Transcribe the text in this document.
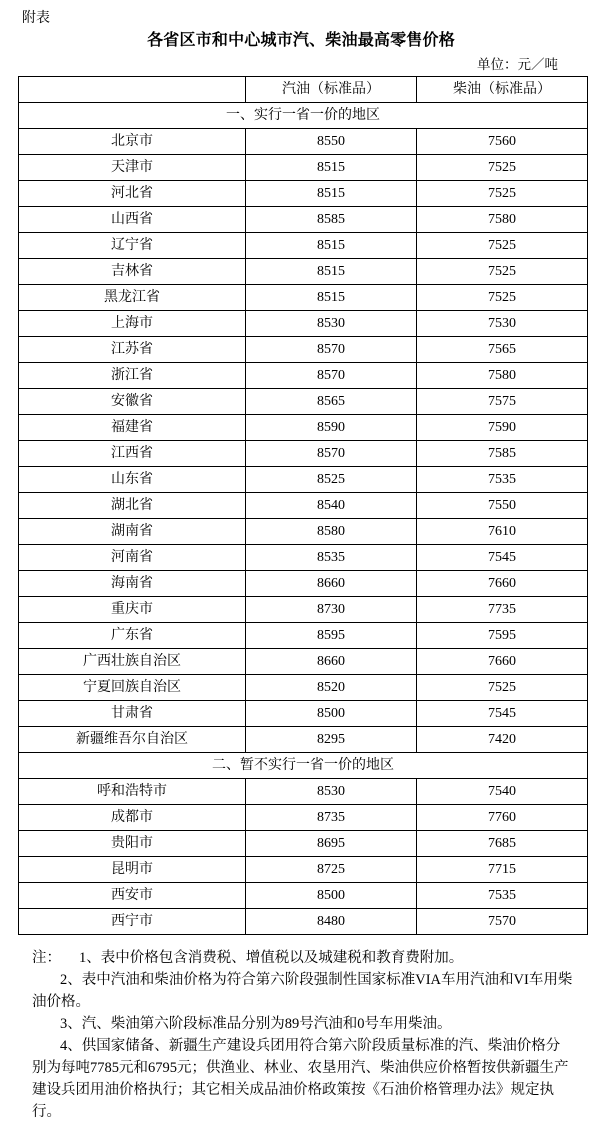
附表
各省区市和中心城市汽、柴油最高零售价格
单位：元／吨
	汽油（标准品）	柴油（标准品）
一、实行一省一价的地区		
北京市	8550	7560
天津市	8515	7525
河北省	8515	7525
山西省	8585	7580
辽宁省	8515	7525
吉林省	8515	7525
黑龙江省	8515	7525
上海市	8530	7530
江苏省	8570	7565
浙江省	8570	7580
安徽省	8565	7575
福建省	8590	7590
江西省	8570	7585
山东省	8525	7535
湖北省	8540	7550
湖南省	8580	7610
河南省	8535	7545
海南省	8660	7660
重庆市	8730	7735
广东省	8595	7595
广西壮族自治区	8660	7660
宁夏回族自治区	8520	7525
甘肃省	8500	7545
新疆维吾尔自治区	8295	7420
二、暂不实行一省一价的地区		
呼和浩特市	8530	7540
成都市	8735	7760
贵阳市	8695	7685
昆明市	8725	7715
西安市	8500	7535
西宁市	8480	7570
注： 1、表中价格包含消费税、增值税以及城建税和教育费附加。
2、表中汽油和柴油价格为符合第六阶段强制性国家标准VIA车用汽油和VI车用柴油价格。
3、汽、柴油第六阶段标准品分别为89号汽油和0号车用柴油。
4、供国家储备、新疆生产建设兵团用符合第六阶段质量标准的汽、柴油价格分别为每吨7785元和6795元；供渔业、林业、农垦用汽、柴油供应价格暂按供新疆生产建设兵团用油价格执行；其它相关成品油价格政策按《石油价格管理办法》规定执行。
